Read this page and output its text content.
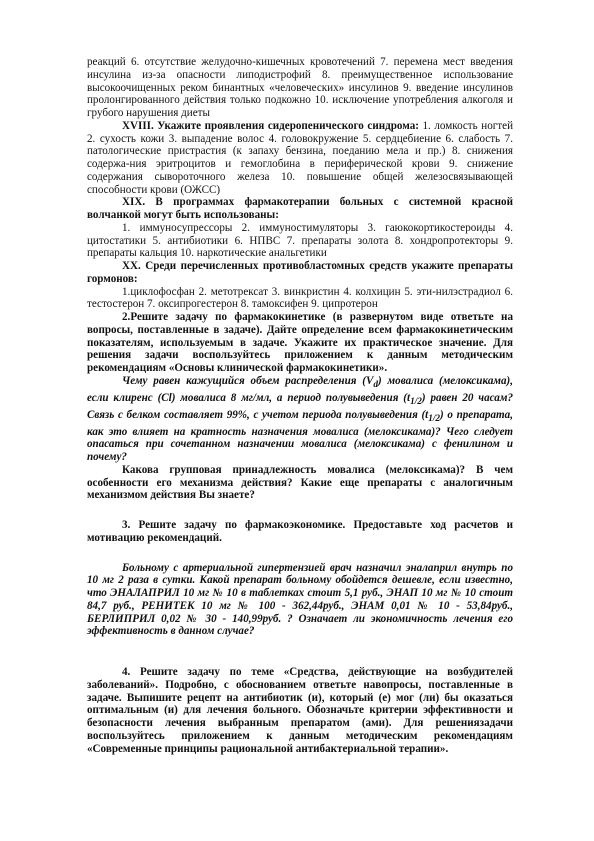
реакций 6. отсутствие желудочно-кишечных кровотечений 7. перемена мест введения инсулина из-за опасности липодистрофий 8. преимущественное использование высокоочищенных реком бинантных «человеческих» инсулинов 9. введение инсулинов пролонгированного действия только подкожно 10. исключение употребления алкоголя и грубого нарушения диеты

XVIII. Укажите проявления сидеропенического синдрома: 1. ломкость ногтей 2. сухость кожи 3. выпадение волос 4. головокружение 5. сердцебиение 6. слабость 7. патологические пристрастия (к запаху бензина, поеданию мела и пр.) 8. снижения содержа-ния эритроцитов и гемоглобина в периферической крови 9. снижение содержания сывороточного железа 10. повышение общей железосвязывающей способности крови (ОЖСС)

XIX. В программах фармакотерапии больных с системной красной волчанкой могут быть использованы:

1. иммуносупрессоры 2. иммуностимуляторы 3. гаюкокортикостероиды 4. цитостатики 5. антибиотики 6. НПВС 7. препараты золота 8. хондропротекторы 9. препараты кальция 10. наркотические анальгетики

XX. Среди перечисленных противобластомных средств укажите препараты гормонов:

1.циклофосфан 2. метотрексат 3. винкристин 4. колхицин 5. эти-нилэстрадиол 6. тестостерон 7. оксипрогестерон 8. тамоксифен 9. ципротерон

2.Решите задачу по фармакокинетике (в развернутом виде ответьте на вопросы, поставленные в задаче). Дайте определение всем фармакокинетическим показателям, используемым в задаче. Укажите их практическое значение. Для решения задачи воспользуйтесь приложением к данным методическим рекомендациям «Основы клинической фармакокинетики».

Чему равен кажущийся объем распределения $(V_d)$ мовалиса (мелоксикама), если клиренс (Cl) мовалиса 8 мг/мл, а период полувыведения $(t_{1/2})$ равен 20 часам? Связь с белком составляет 99%, с учетом периода полувыведения $(t_{1/2})$ о препарата, как это влияет на кратность назначения мовалиса (мелоксикама)? Чего следует опасаться при сочетанном назначении мовалиса (мелоксикама) с фенилином и почему?

Какова групповая принадлежность мовалиса (мелоксикама)? В чем особенности его механизма действия? Какие еще препараты с аналогичным механизмом действия Вы знаете?

3. Решите задачу по фармакоэкономике. Предоставьте ход расчетов и мотивацию рекомендаций.

Больному с артериальной гипертензией врач назначил эналаприл внутрь по 10 мг 2 раза в сутки. Какой препарат больному обойдется дешевле, если известно, что ЭНАЛАПРИЛ 10 мг № 10 в таблетках стоит 5,1 руб., ЭНАП 10 мг № 10 стоит 84,7 руб., РЕНИТЕК 10 мг № 100 - 362,44руб., ЭНАМ 0,01 № 10 - 53,84руб., БЕРЛИПРИЛ 0,02 № 30 - 140,99руб. ? Означает ли экономичность лечения его эффективность в данном случае?

4. Решите задачу по теме «Средства, действующие на возбудителей заболеваний». Подробно, с обоснованием ответьте навопросы, поставленные в задаче. Выпишите рецепт на антибиотик (и), который (е) мог (ли) бы оказаться оптимальным (и) для лечения больного. Обозначьте критерии эффективности и безопасности лечения выбранным препаратом (ами). Для решениязадачи воспользуйтесь приложением к данным методическим рекомендациям «Современные принципы рациональной антибактериальной терапии».
